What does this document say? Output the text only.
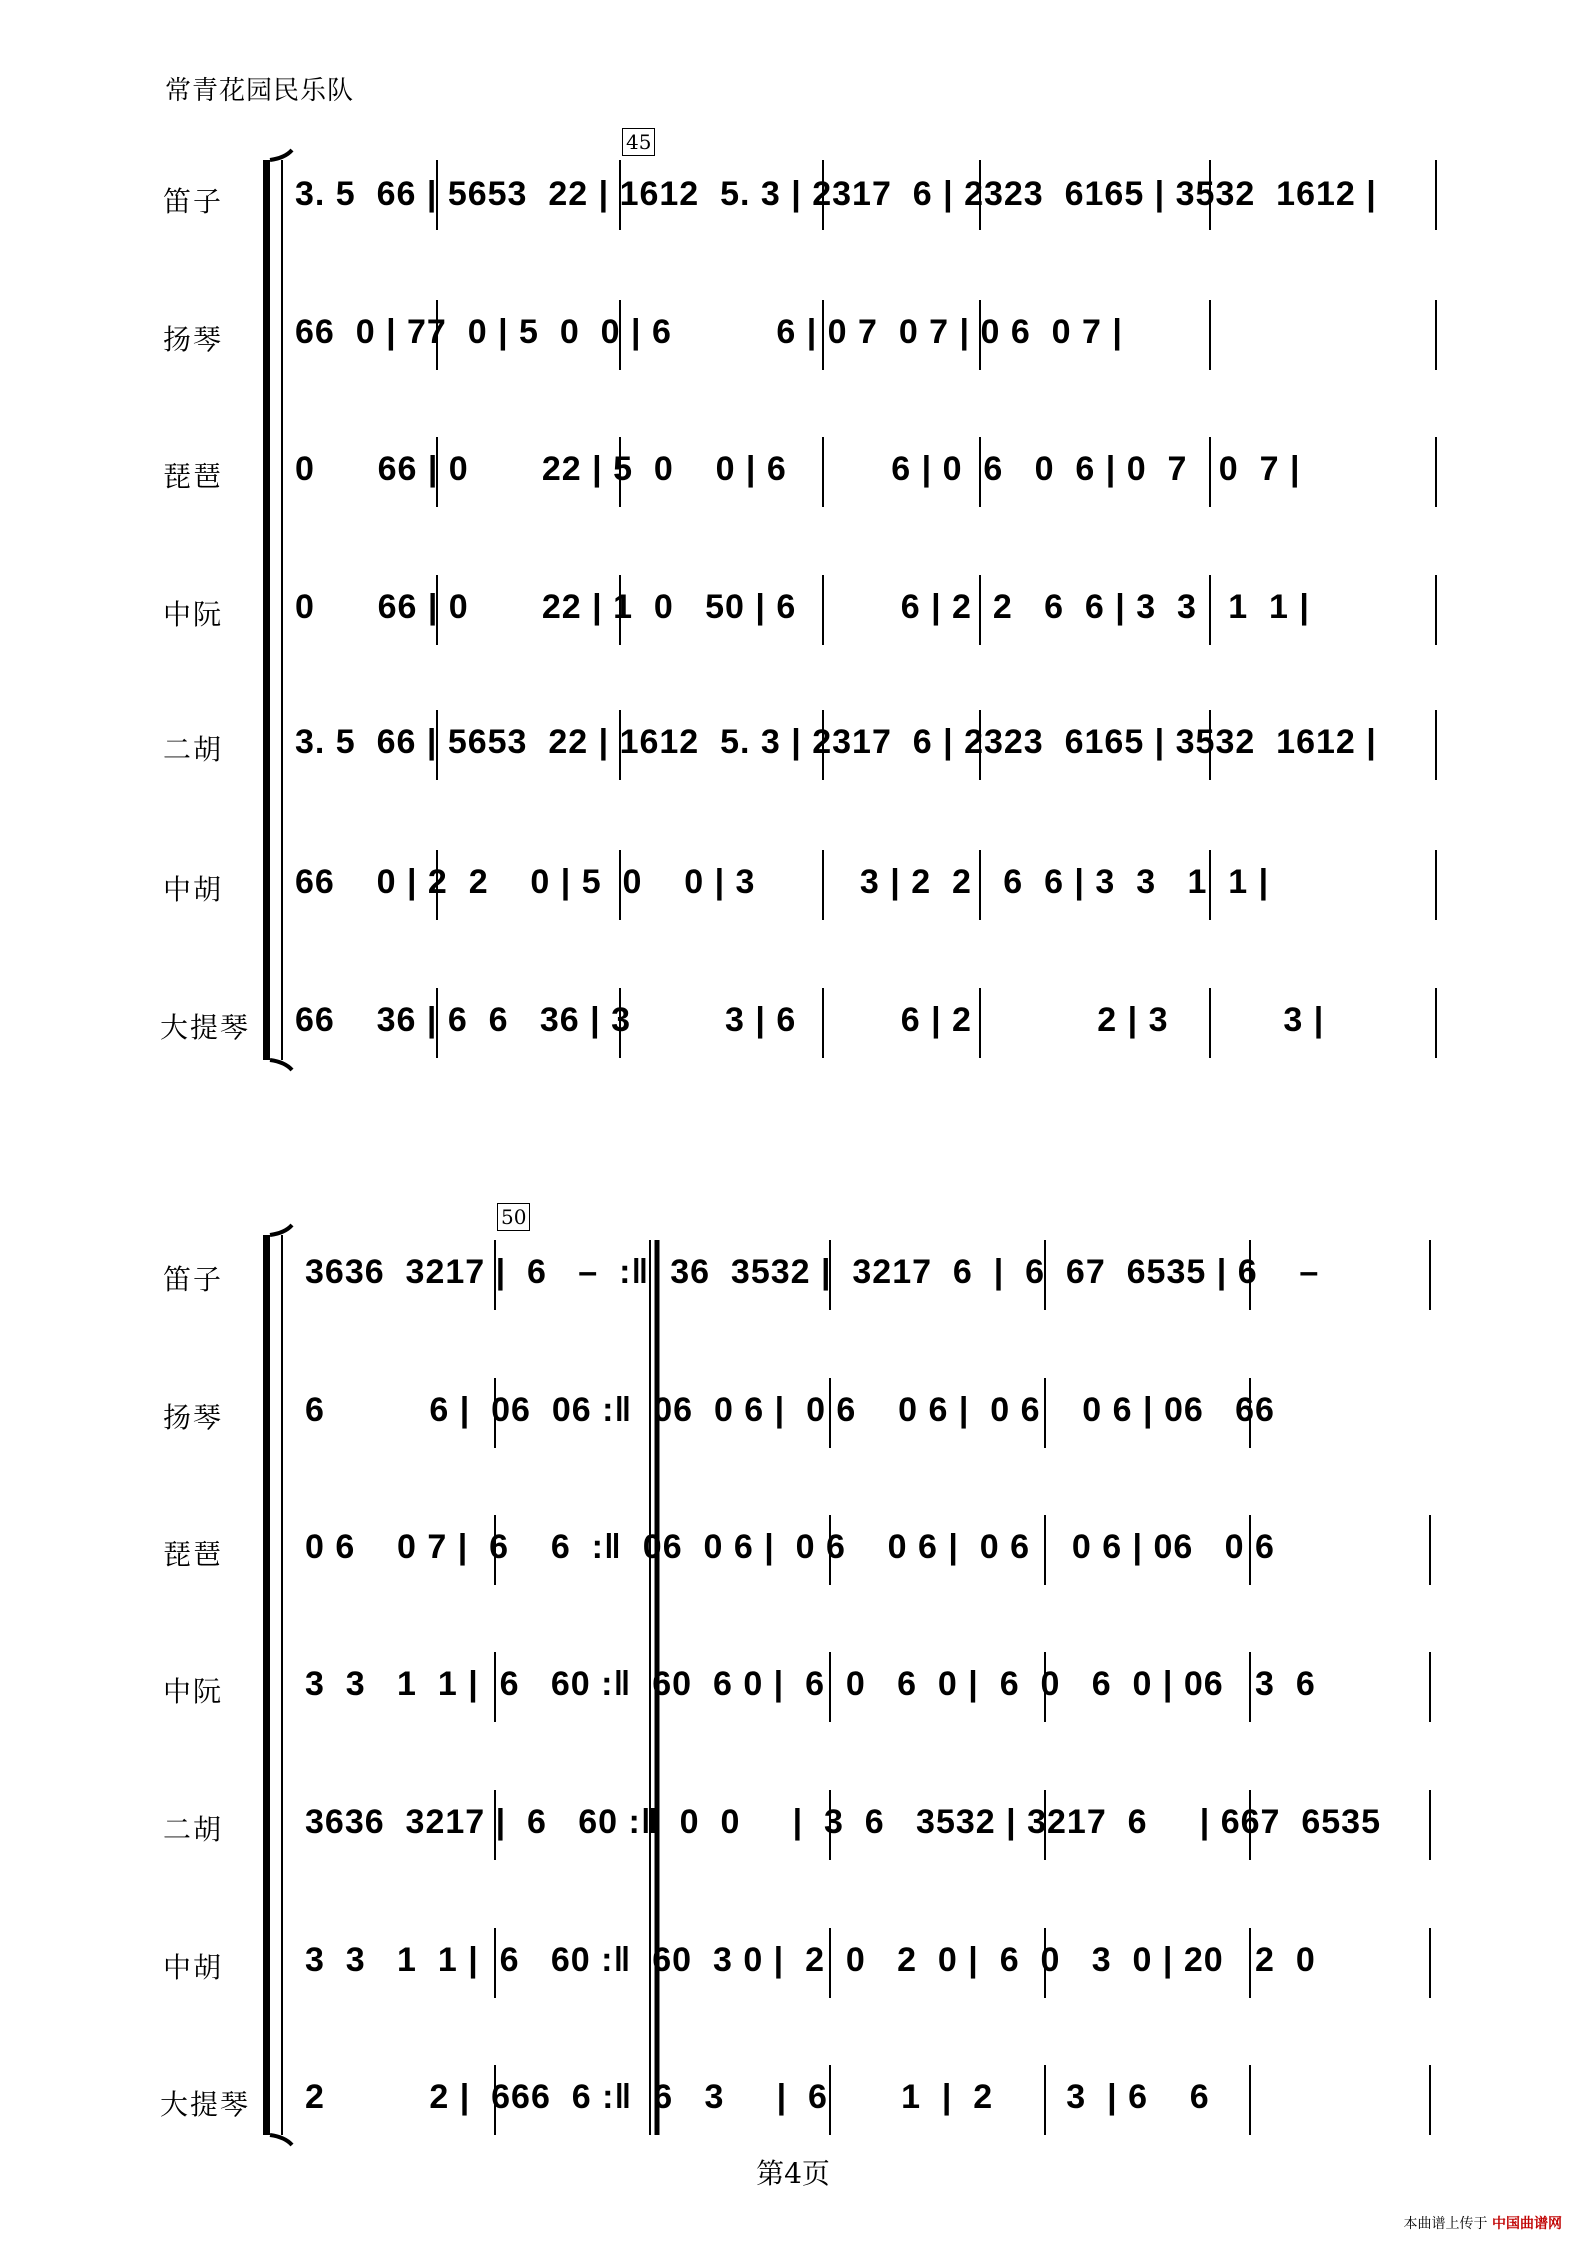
常青花园民乐队
45
50
笛子 3. 5  66 | 5653  22 | 1612  5. 3 | 2317  6 | 2323  6165 | 3532  1612 |
扬琴 66  0 | 77  0 | 5  0  0 | 6          6 | 0 7  0 7 | 0 6  0 7 |
琵琶 0      66 | 0       22 | 5  0    0 | 6          6 | 0  6   0  6 | 0  7   0  7 |
中阮 0      66 | 0       22 | 1  0   50 | 6          6 | 2  2   6  6 | 3  3   1  1 |
二胡 3. 5  66 | 5653  22 | 1612  5. 3 | 2317  6 | 2323  6165 | 3532  1612 |
中胡 66    0 | 2  2    0 | 5  0    0 | 3          3 | 2  2   6  6 | 3  3   1  1 |
大提琴 66    36 | 6  6   36 | 3         3 | 6          6 | 2            2 | 3           3 |
笛子 3636  3217 |  6   –  :‖  36  3532 |  3217  6  |  6  67  6535 | 6    –
扬琴 6          6 |  06  06 :‖  06  0 6 |  0 6    0 6 |  0 6    0 6 | 06   66
琵琶 0 6    0 7 |  6    6  :‖  06  0 6 |  0 6    0 6 |  0 6    0 6 | 06   0 6
中阮 3  3   1  1 |  6   60 :‖  60  6 0 |  6  0   6  0 |  6  0   6  0 | 06   3  6
二胡 3636  3217 |  6   60 :‖  0  0     |  3  6   3532 | 3217  6     | 667  6535
中胡 3  3   1  1 |  6   60 :‖  60  3 0 |  2  0   2  0 |  6  0   3  0 | 20   2  0
大提琴 2          2 |  666  6 :‖  6   3     |  6       1  |  2       3  | 6    6
第4页
本曲谱上传于 中国曲谱网
